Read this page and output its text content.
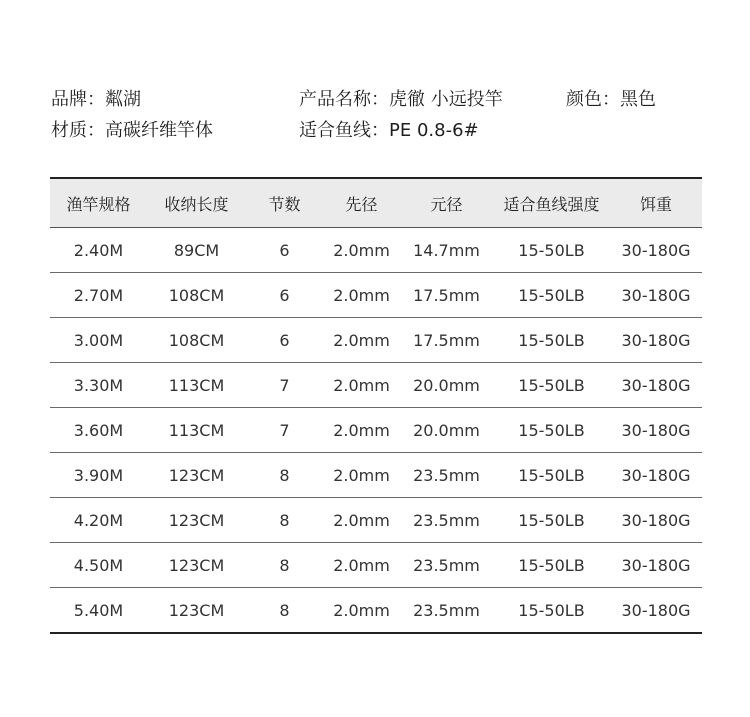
品牌：粼湖	产品名称：虎徹 小远投竿	颜色：黑色
材质：高碳纤维竿体	适合鱼线：PE 0.8-6#
渔竿规格	收纳长度	节数	先径	元径	适合鱼线强度	饵重
2.40M	89CM	6	2.0mm	14.7mm	15-50LB	30-180G
2.70M	108CM	6	2.0mm	17.5mm	15-50LB	30-180G
3.00M	108CM	6	2.0mm	17.5mm	15-50LB	30-180G
3.30M	113CM	7	2.0mm	20.0mm	15-50LB	30-180G
3.60M	113CM	7	2.0mm	20.0mm	15-50LB	30-180G
3.90M	123CM	8	2.0mm	23.5mm	15-50LB	30-180G
4.20M	123CM	8	2.0mm	23.5mm	15-50LB	30-180G
4.50M	123CM	8	2.0mm	23.5mm	15-50LB	30-180G
5.40M	123CM	8	2.0mm	23.5mm	15-50LB	30-180G
